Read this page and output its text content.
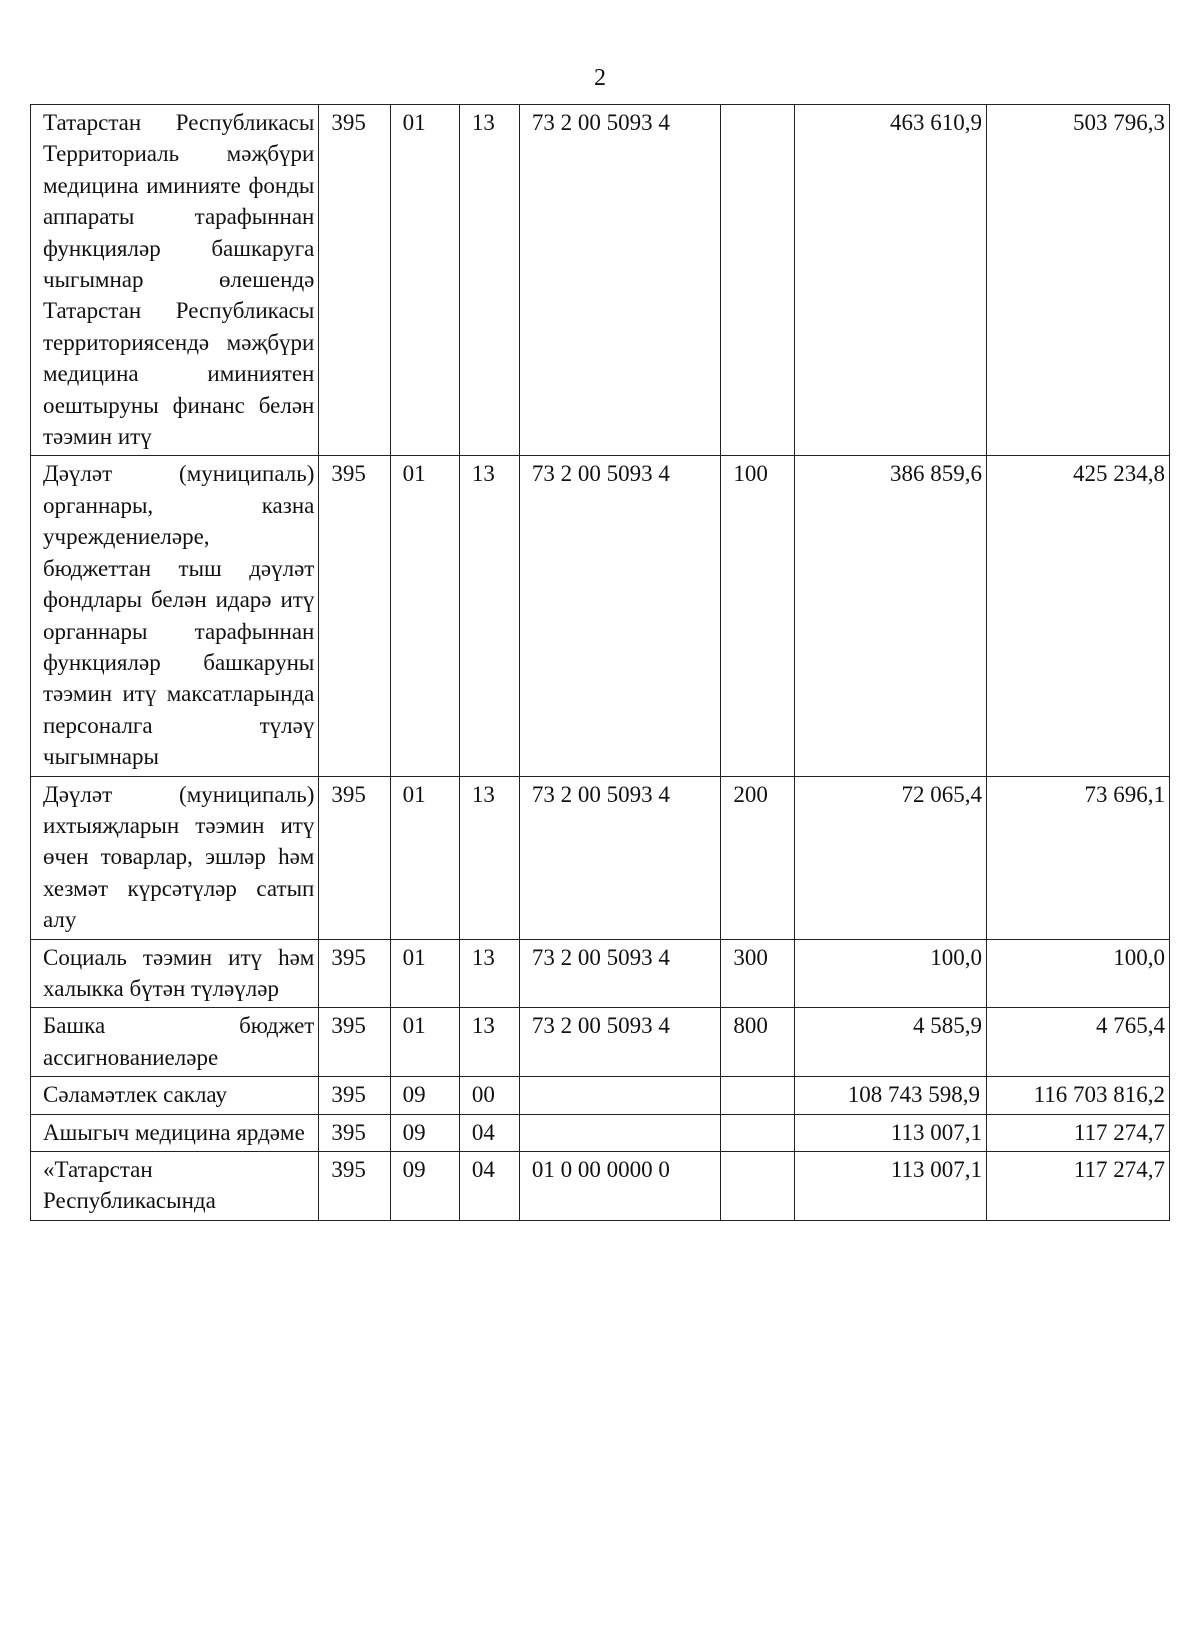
2
Татарстан Республикасы Территориаль мәҗбүри медицина иминияте фонды аппараты тарафыннан функцияләр башкаруга чыгымнар өлешендә Татарстан Республикасы территориясендә мәҗбүри медицина иминиятен оештыруны финанс белән тәэмин итү	395	01	13	73 2 00 5093 4		463 610,9	503 796,3
Дәүләт (муниципаль) органнары, казна учреждениеләре, бюджеттан тыш дәүләт фондлары белән идарә итү органнары тарафыннан функцияләр башкаруны тәэмин итү максатларында персоналга түләү чыгымнары	395	01	13	73 2 00 5093 4	100	386 859,6	425 234,8
Дәүләт (муниципаль) ихтыяҗларын тәэмин итү өчен товарлар, эшләр һәм хезмәт күрсәтүләр сатып алу	395	01	13	73 2 00 5093 4	200	72 065,4	73 696,1
Социаль тәэмин итү һәм халыкка бүтән түләүләр	395	01	13	73 2 00 5093 4	300	100,0	100,0
Башка бюджет ассигнованиеләре	395	01	13	73 2 00 5093 4	800	4 585,9	4 765,4
Сәламәтлек саклау	395	09	00			108 743 598,9	116 703 816,2
Ашыгыч медицина ярдәме	395	09	04			113 007,1	117 274,7
«Татарстан Республикасында	395	09	04	01 0 00 0000 0		113 007,1	117 274,7
